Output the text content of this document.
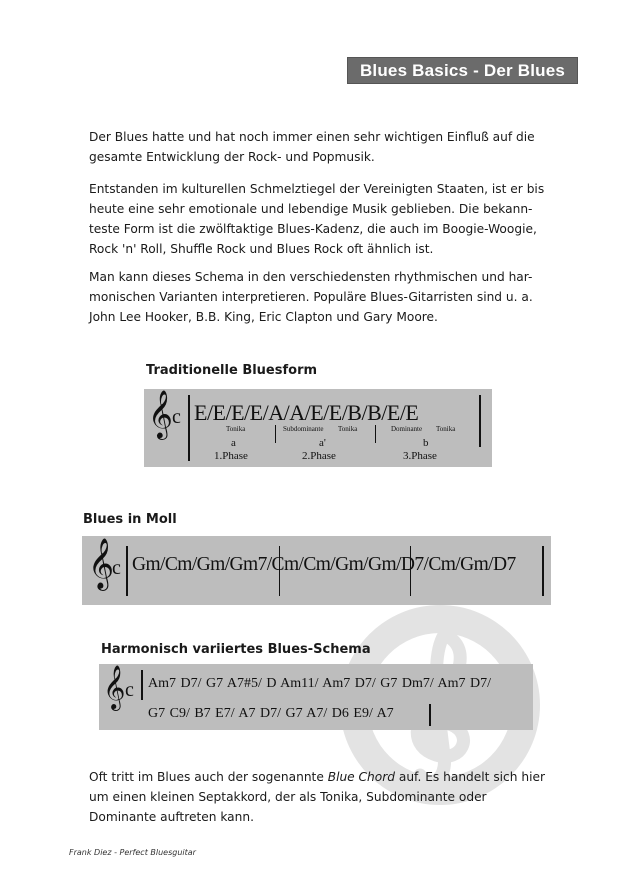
Blues Basics - Der Blues

Der Blues hatte und hat noch immer einen sehr wichtigen Einfluß auf die
gesamte Entwicklung der Rock- und Popmusik.

Entstanden im kulturellen Schmelztiegel der Vereinigten Staaten, ist er bis
heute eine sehr emotionale und lebendige Musik geblieben. Die bekann-
teste Form ist die zwölftaktige Blues-Kadenz, die auch im Boogie-Woogie,
Rock 'n' Roll, Shuffle Rock und Blues Rock oft ähnlich ist.

Man kann dieses Schema in den verschiedensten rhythmischen und har-
monischen Varianten interpretieren. Populäre Blues-Gitarristen sind u. a.
John Lee Hooker, B.B. King, Eric Clapton und Gary Moore.

Traditionelle Bluesform
𝄞 c E/E/E/E/A/A/E/E/B/B/E/E
Tonika	Subdominante Tonika	Dominante Tonika
a	a'	b
1.Phase	2.Phase	3.Phase
Blues in Moll
𝄞
c Gm/Cm/Gm/Gm7/Cm/Cm/Gm/Gm/D7/Cm/Gm/D7
Harmonisch variiertes Blues-Schema
𝄞 c Am7 D7/ G7 A7#5/ D Am11/ Am7 D7/ G7 Dm7/ Am7 D7/
G7 C9/ B7 E7/ A7 D7/ G7 A7/ D6 E9/ A7

Oft tritt im Blues auch der sogenannte Blue Chord auf. Es handelt sich hier
um einen kleinen Septakkord, der als Tonika, Subdominante oder
Dominante auftreten kann.

Frank Diez - Perfect Bluesguitar
